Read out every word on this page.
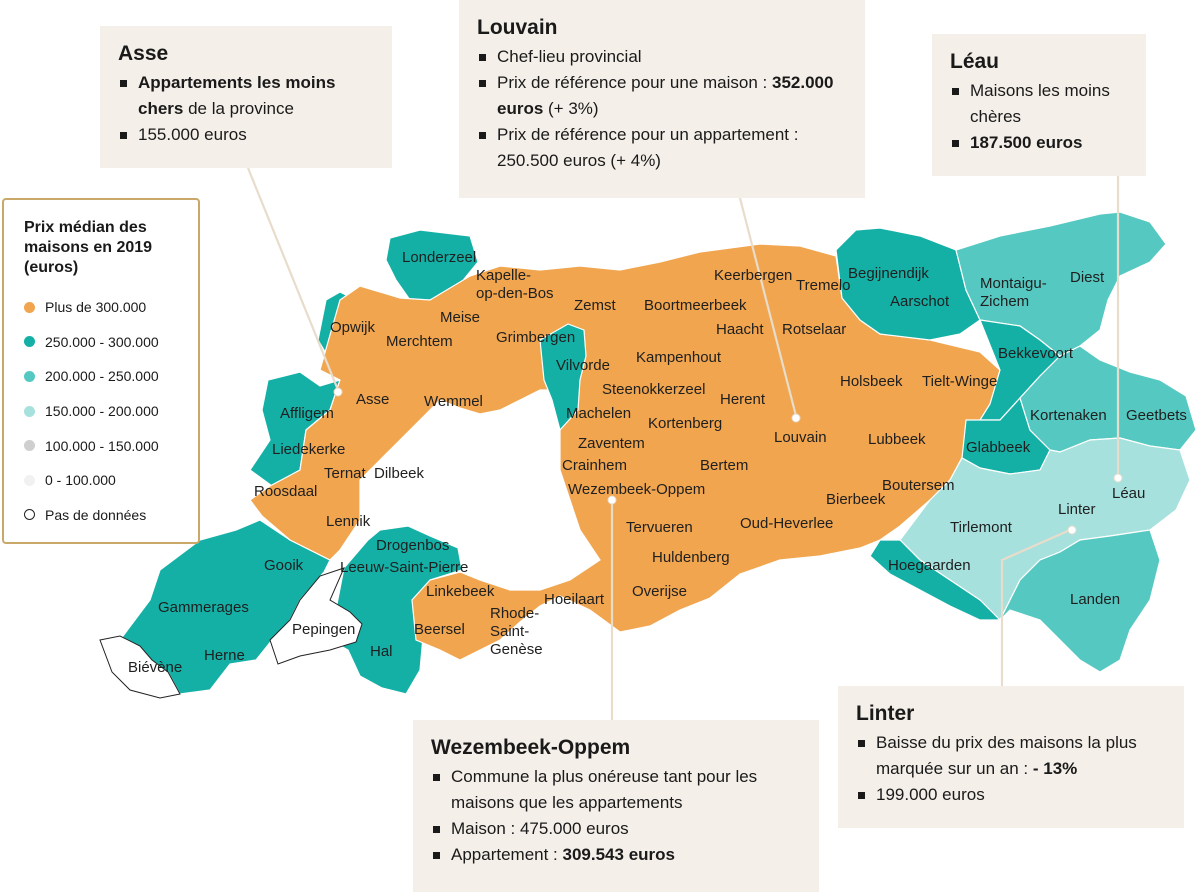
Londerzeel
Kapelle-op-den-Bos
Opwijk
Merchtem
Meise
Grimbergen
Zemst Boortmeerbeek
Keerbergen
Tremelo
Begijnendijk
Aarschot
Montaigu-Zichem
Diest
Haacht Rotselaar
Vilvorde Kampenhout	Bekkevoort
Affligem
Asse Wemmel
Steenokkerzeel	Holsbeek Tielt-Winge
Machelen
Herent
Kortenberg	Kortenaken Geetbets
Liedekerke	Zaventem	Louvain	Lubbeek	Glabbeek
Ternat Dilbeek	Crainhem	Bertem
Roosdaal	Wezembeek-Oppem	Boutersem	Léau
Bierbeek
Linter
Lennik	Tervueren	Oud-Heverlee	Tirlemont
Drogenbos
Huldenberg
Gooik Leeuw-Saint-Pierre	Hoegaarden
Linkebeek	Overijse
Hoeilaart	Landen
Gammerages	Rhode-Saint-Genèse
Pepingen	Beersel
Hal
Herne
Biévène
Prix médian des
maisons en 2019
(euros)
Plus de 300.000
250.000 - 300.000
200.000 - 250.000
150.000 - 200.000
100.000 - 150.000
0 - 100.000
Pas de données
Asse
Appartements les moins chers de la province
155.000 euros
Louvain
Chef-lieu provincial
Prix de référence pour une maison : 352.000 euros (+ 3%)
Prix de référence pour un appartement : 250.500 euros (+ 4%)
Léau
Maisons les moins chères
187.500 euros
Wezembeek-Oppem
Commune la plus onéreuse tant pour les maisons que les appartements
Maison : 475.000 euros
Appartement : 309.543 euros
Linter
Baisse du prix des maisons la plus marquée sur un an : - 13%
199.000 euros
